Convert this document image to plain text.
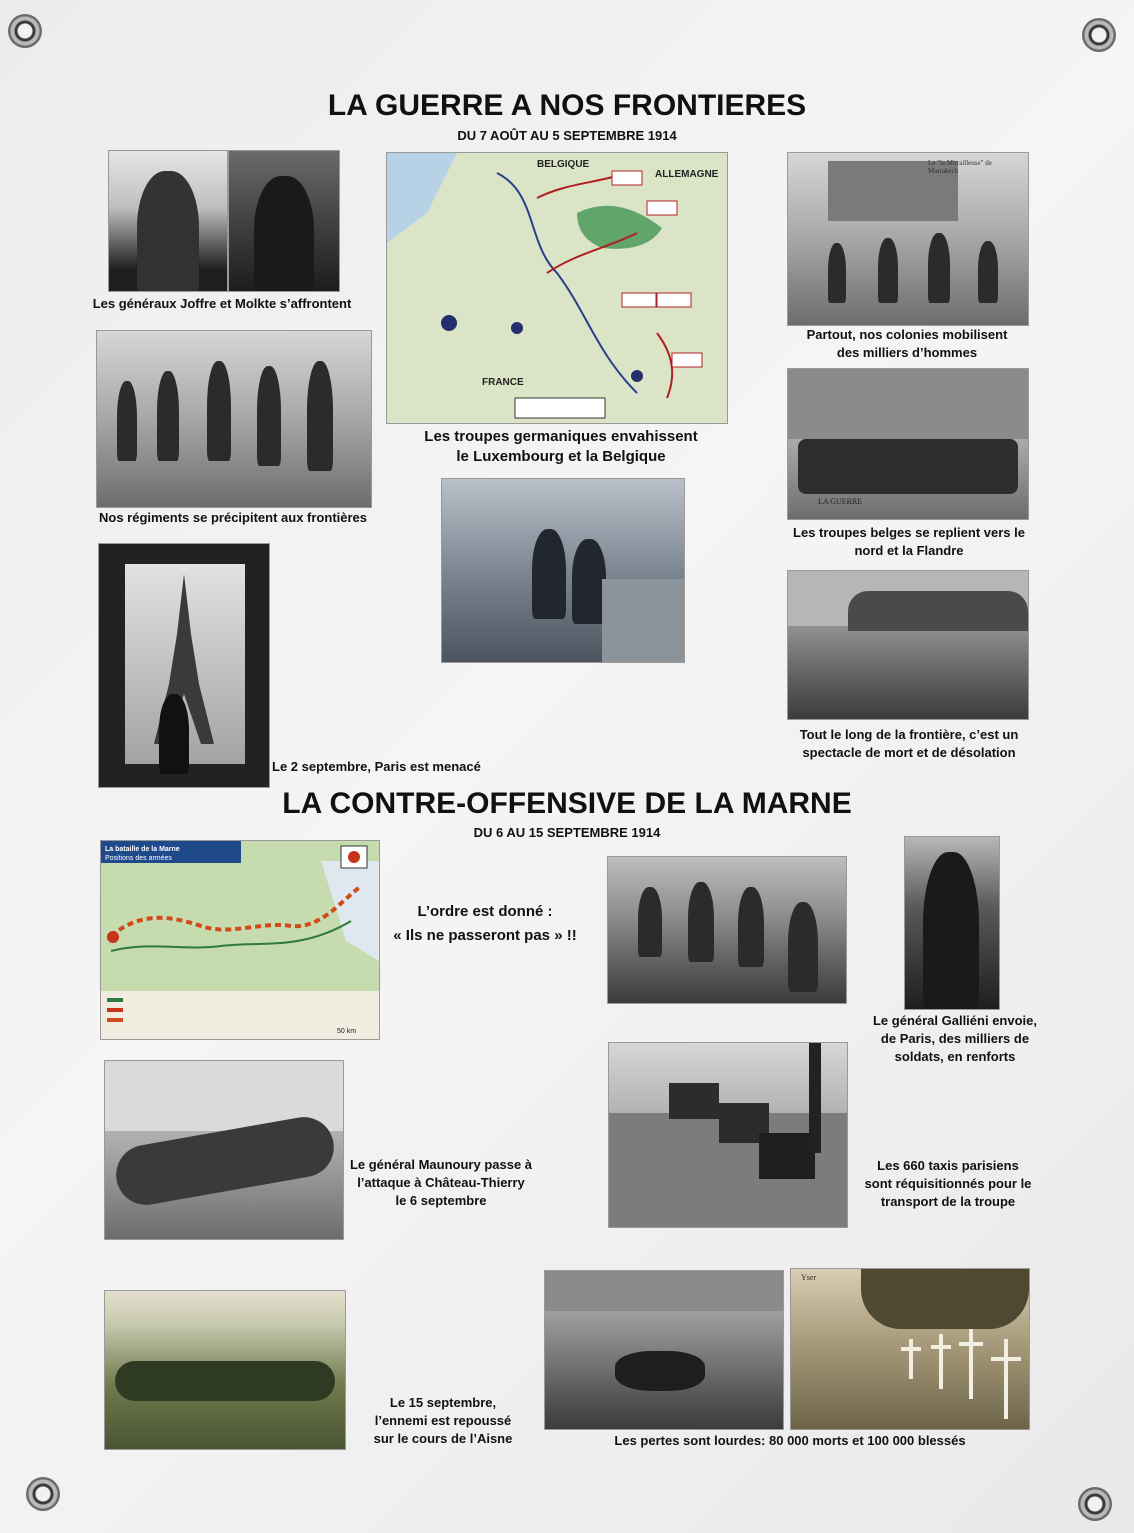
LA GUERRE A NOS FRONTIERES
DU 7 AOÛT AU 5 SEPTEMBRE 1914
Les généraux Joffre et Molkte s’affrontent
BELGIQUE
ALLEMAGNE
FRANCE
Les troupes germaniques envahissent
le Luxembourg et la Belgique
Le "la Mitrailleuse" de Marrakech
Partout, nos colonies mobilisent
des milliers d’hommes
Nos régiments se précipitent aux frontières
LA GUERRE
Les troupes belges se replient vers le
nord et la Flandre
Le 2 septembre, Paris est menacé
Tout le long de la frontière, c’est un
spectacle de mort et de désolation
LA CONTRE-OFFENSIVE DE LA MARNE
DU 6 AU 15 SEPTEMBRE 1914
La bataille de la Marne
Positions des armées
50 km
L’ordre est donné :
« Ils ne passeront pas » !!
Le général Galliéni envoie,
de Paris, des milliers de
soldats, en renforts
Le général Maunoury passe à
l’attaque à Château-Thierry
le 6 septembre
Les 660 taxis parisiens
sont réquisitionnés pour le
transport de la troupe
Le 15 septembre,
l’ennemi est repoussé
sur le cours de l’Aisne
Yser
Les pertes sont lourdes: 80 000 morts et 100 000 blessés
